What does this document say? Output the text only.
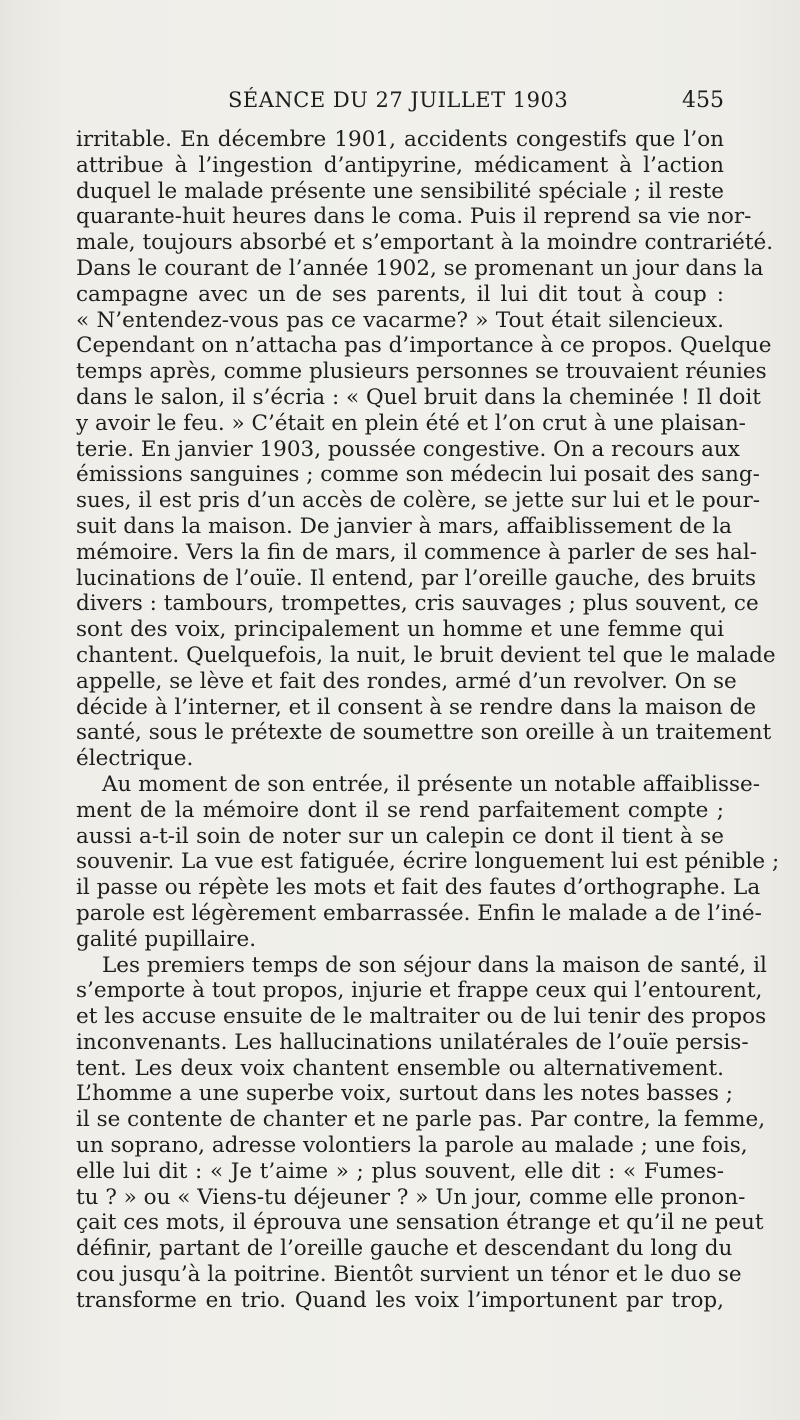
SÉANCE DU 27 JUILLET 1903	455
irritable. En décembre 1901, accidents congestifs que l’on
attribue à l’ingestion d’antipyrine, médicament à l’action
duquel le malade présente une sensibilité spéciale ; il reste
quarante-huit heures dans le coma. Puis il reprend sa vie nor-
male, toujours absorbé et s’emportant à la moindre contrariété.
Dans le courant de l’année 1902, se promenant un jour dans la
campagne avec un de ses parents, il lui dit tout à coup :
« N’entendez-vous pas ce vacarme? » Tout était silencieux.
Cependant on n’attacha pas d’importance à ce propos. Quelque
temps après, comme plusieurs personnes se trouvaient réunies
dans le salon, il s’écria : « Quel bruit dans la cheminée ! Il doit
y avoir le feu. » C’était en plein été et l’on crut à une plaisan-
terie. En janvier 1903, poussée congestive. On a recours aux
émissions sanguines ; comme son médecin lui posait des sang-
sues, il est pris d’un accès de colère, se jette sur lui et le pour-
suit dans la maison. De janvier à mars, affaiblissement de la
mémoire. Vers la fin de mars, il commence à parler de ses hal-
lucinations de l’ouïe. Il entend, par l’oreille gauche, des bruits
divers : tambours, trompettes, cris sauvages ; plus souvent, ce
sont des voix, principalement un homme et une femme qui
chantent. Quelquefois, la nuit, le bruit devient tel que le malade
appelle, se lève et fait des rondes, armé d’un revolver. On se
décide à l’interner, et il consent à se rendre dans la maison de
santé, sous le prétexte de soumettre son oreille à un traitement
électrique.
Au moment de son entrée, il présente un notable affaiblisse-
ment de la mémoire dont il se rend parfaitement compte ;
aussi a-t-il soin de noter sur un calepin ce dont il tient à se
souvenir. La vue est fatiguée, écrire longuement lui est pénible ;
il passe ou répète les mots et fait des fautes d’orthographe. La
parole est légèrement embarrassée. Enfin le malade a de l’iné-
galité pupillaire.
Les premiers temps de son séjour dans la maison de santé, il
s’emporte à tout propos, injurie et frappe ceux qui l’entourent,
et les accuse ensuite de le maltraiter ou de lui tenir des propos
inconvenants. Les hallucinations unilatérales de l’ouïe persis-
tent. Les deux voix chantent ensemble ou alternativement.
L’homme a une superbe voix, surtout dans les notes basses ;
il se contente de chanter et ne parle pas. Par contre, la femme,
un soprano, adresse volontiers la parole au malade ; une fois,
elle lui dit : « Je t’aime » ; plus souvent, elle dit : « Fumes-
tu ? » ou « Viens-tu déjeuner ? » Un jour, comme elle pronon-
çait ces mots, il éprouva une sensation étrange et qu’il ne peut
définir, partant de l’oreille gauche et descendant du long du
cou jusqu’à la poitrine. Bientôt survient un ténor et le duo se
transforme en trio. Quand les voix l’importunent par trop,
